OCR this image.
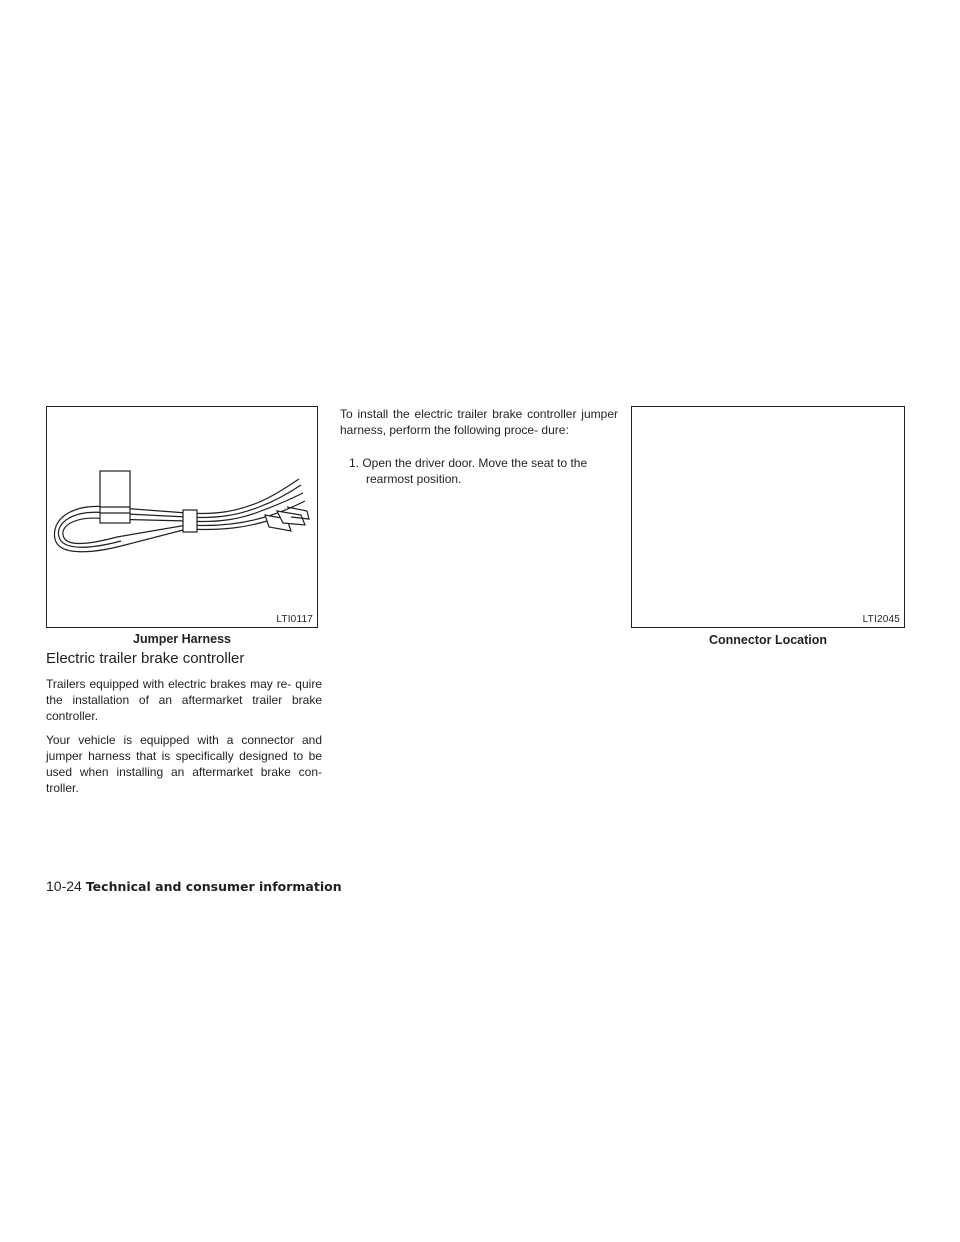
LTI0117
Jumper Harness
Electric trailer brake controller

Trailers equipped with electric brakes may re- quire the installation of an aftermarket trailer brake controller.

Your vehicle is equipped with a connector and jumper harness that is specifically designed to be used when installing an aftermarket brake con- troller.

To install the electric trailer brake controller jumper harness, perform the following proce- dure:

1. Open the driver door. Move the seat to the rearmost position.

LTI2045
Connector Location
10-24 Technical and consumer information
